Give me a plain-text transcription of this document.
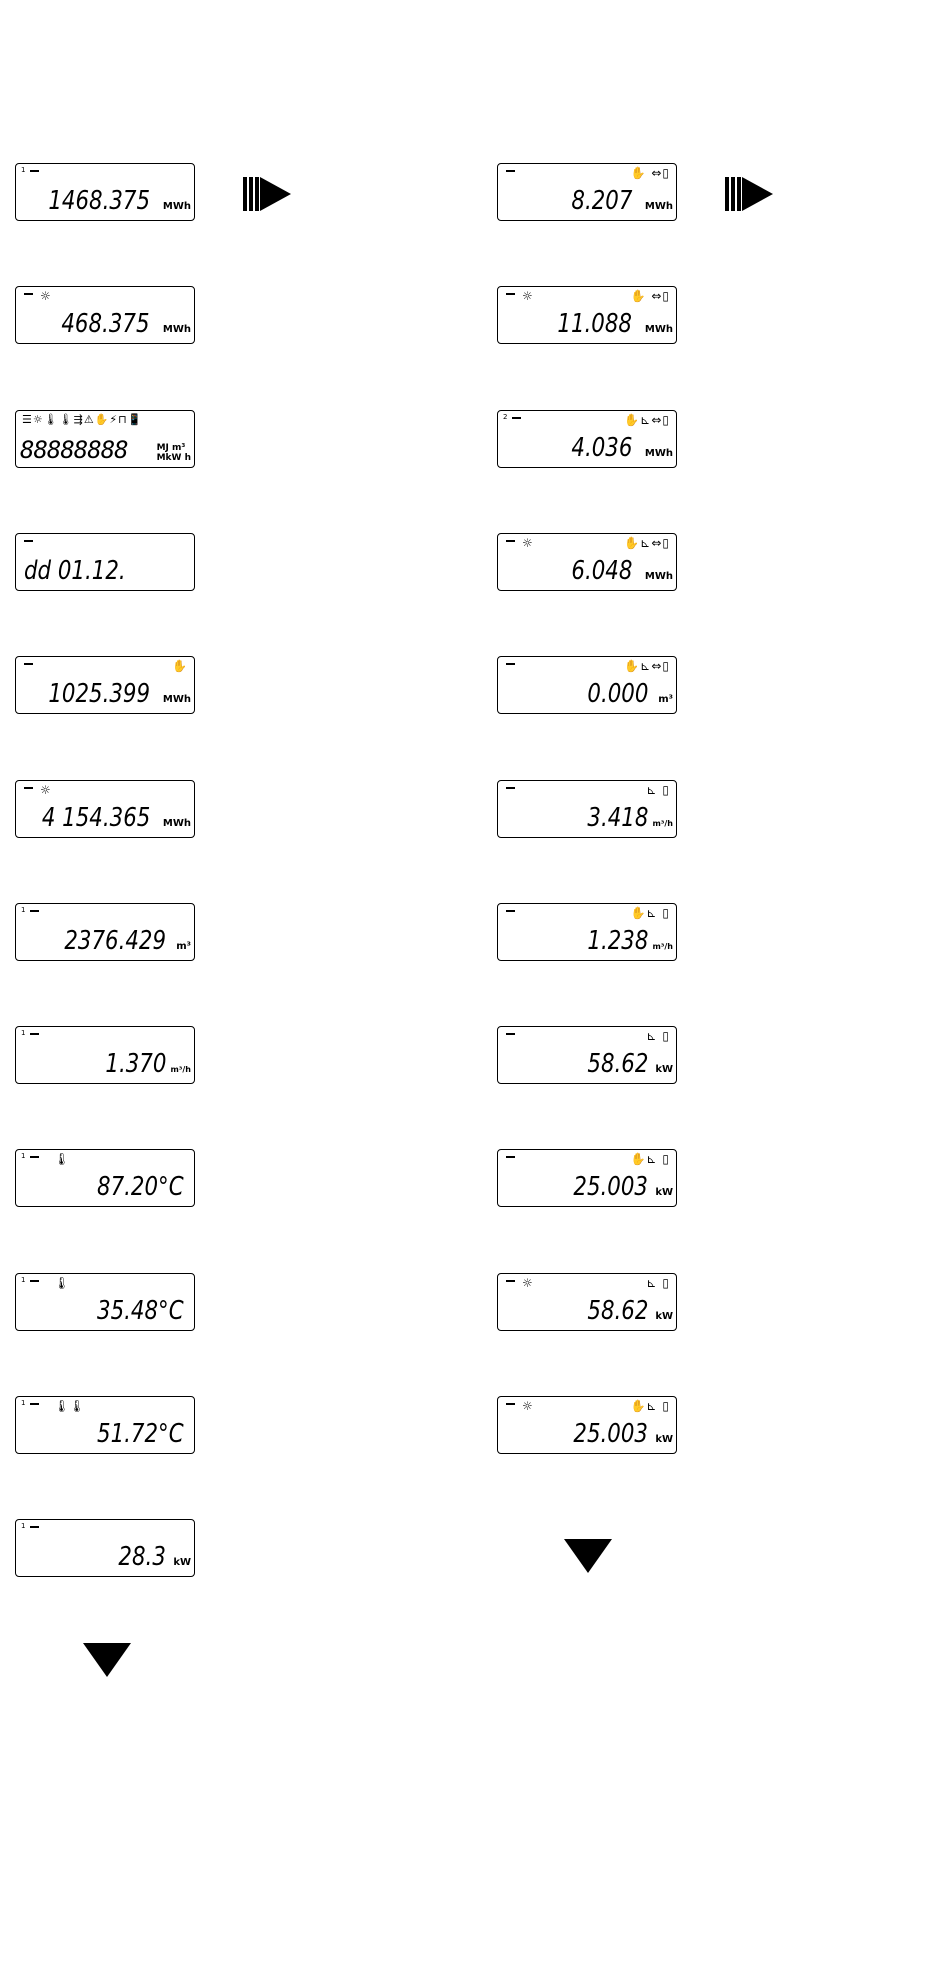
1
1468.375 MWh
☼
468.375 MWh
☰☼🌡🌡⇶⚠✋⚡⊓📱
88888888	MJ m³
MkW h
dd 01.12.
✋
1025.399 MWh
☼
4 154.365 MWh
1
2376.429 m³
1
1.370 m³/h
1 🌡
87.20°C
1 🌡
35.48°C
1 🌡🌡
51.72°C
1
28.3 kW
✋ ⇔▯
8.207 MWh
☼	✋ ⇔▯
11.088 MWh
2	✋⊾⇔▯
4.036 MWh
☼	✋⊾⇔▯
6.048 MWh
✋⊾⇔▯
0.000 m³
⊾ ▯
3.418 m³/h
✋⊾ ▯
1.238 m³/h
⊾ ▯
58.62 kW
✋⊾ ▯
25.003 kW
☼	⊾ ▯
58.62 kW
☼	✋⊾ ▯
25.003 kW
